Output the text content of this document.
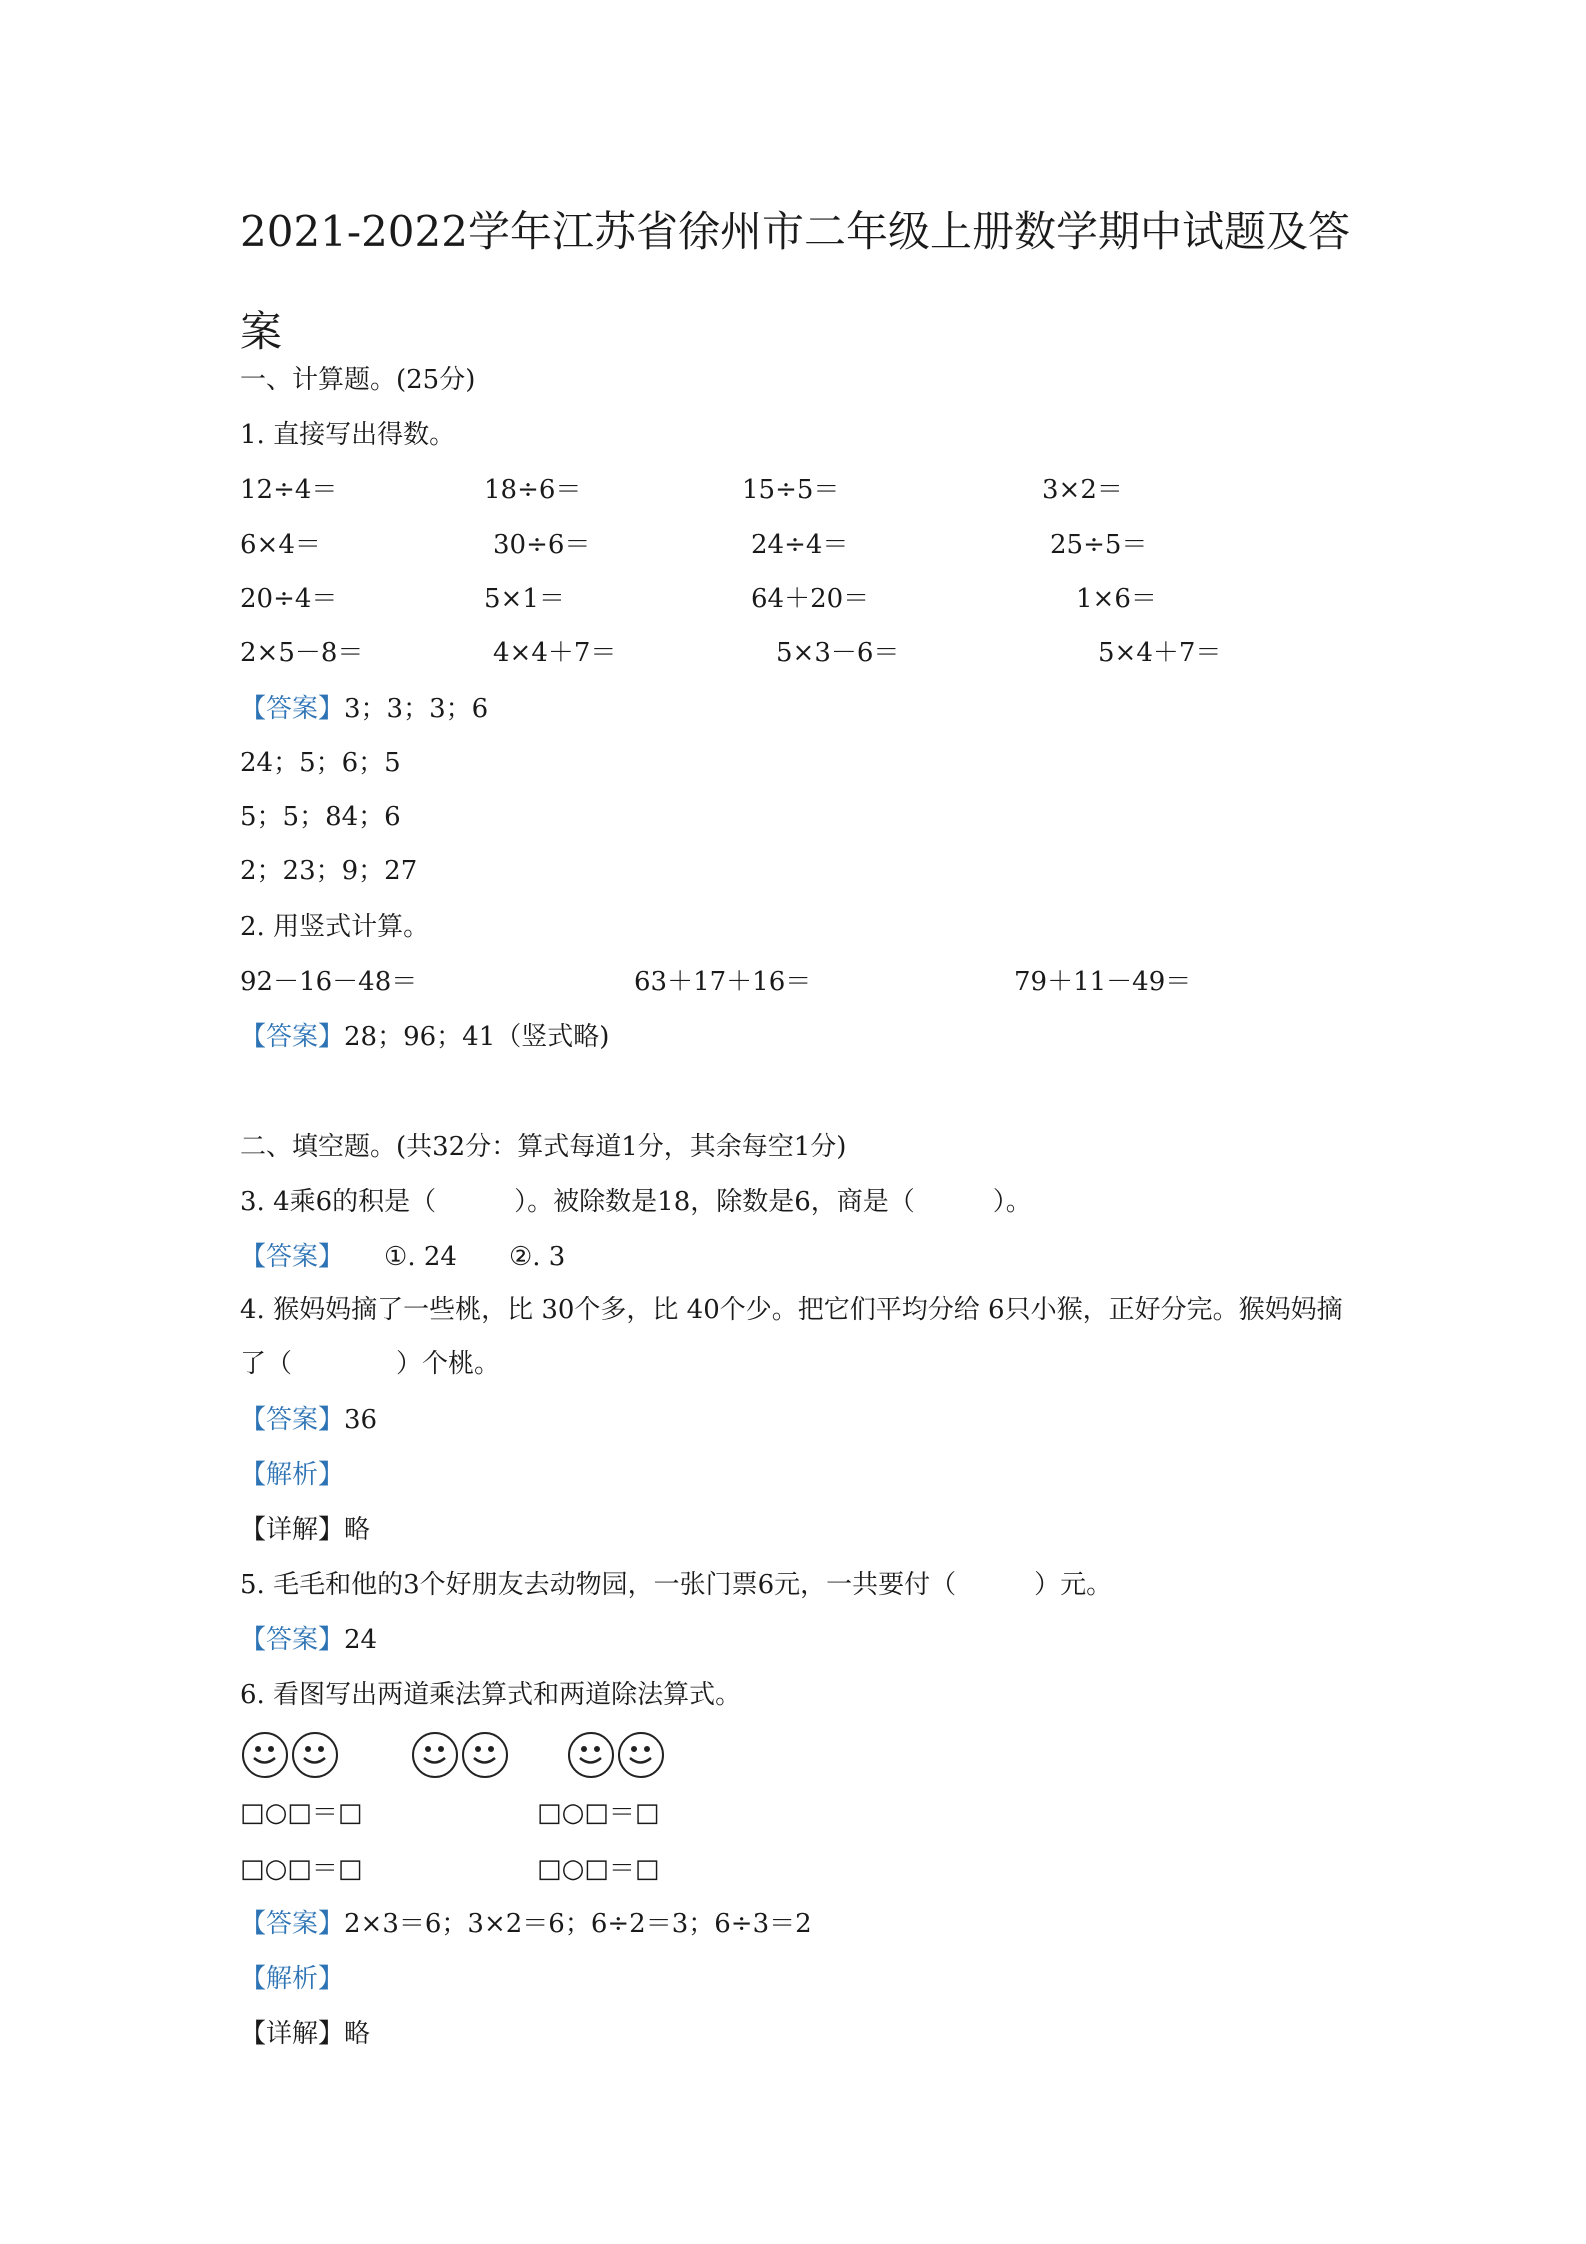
2021-2022学年江苏省徐州市二年级上册数学期中试题及答案
一、计算题。(25分)
1. 直接写出得数。
12÷4＝	18÷6＝	15÷5＝	3×2＝
6×4＝	30÷6＝	24÷4＝	25÷5＝
20÷4＝	5×1＝	64＋20＝	1×6＝
2×5－8＝	4×4＋7＝	5×3－6＝	5×4＋7＝
【答案】3；3；3；6
24；5；6；5
5；5；84；6
2；23；9；27
2. 用竖式计算。
92－16－48＝	63＋17＋16＝	79＋11－49＝
【答案】28；96；41（竖式略)
二、填空题。(共32分：算式每道1分，其余每空1分)
3. 4乘6的积是（　　　）。被除数是18，除数是6，商是（　　　）。
【答案】 ①. 24　　②. 3
4. 猴妈妈摘了一些桃，比 30个多，比 40个少。把它们平均分给 6只小猴，正好分完。猴妈妈摘了（　　　　）个桃。
【答案】36
【解析】
【详解】略
5. 毛毛和他的3个好朋友去动物园，一张门票6元，一共要付（　　　）元。
【答案】24
6. 看图写出两道乘法算式和两道除法算式。
□○□＝□	□○□＝□
□○□＝□	□○□＝□
【答案】2×3＝6；3×2＝6；6÷2＝3；6÷3＝2
【解析】
【详解】略
